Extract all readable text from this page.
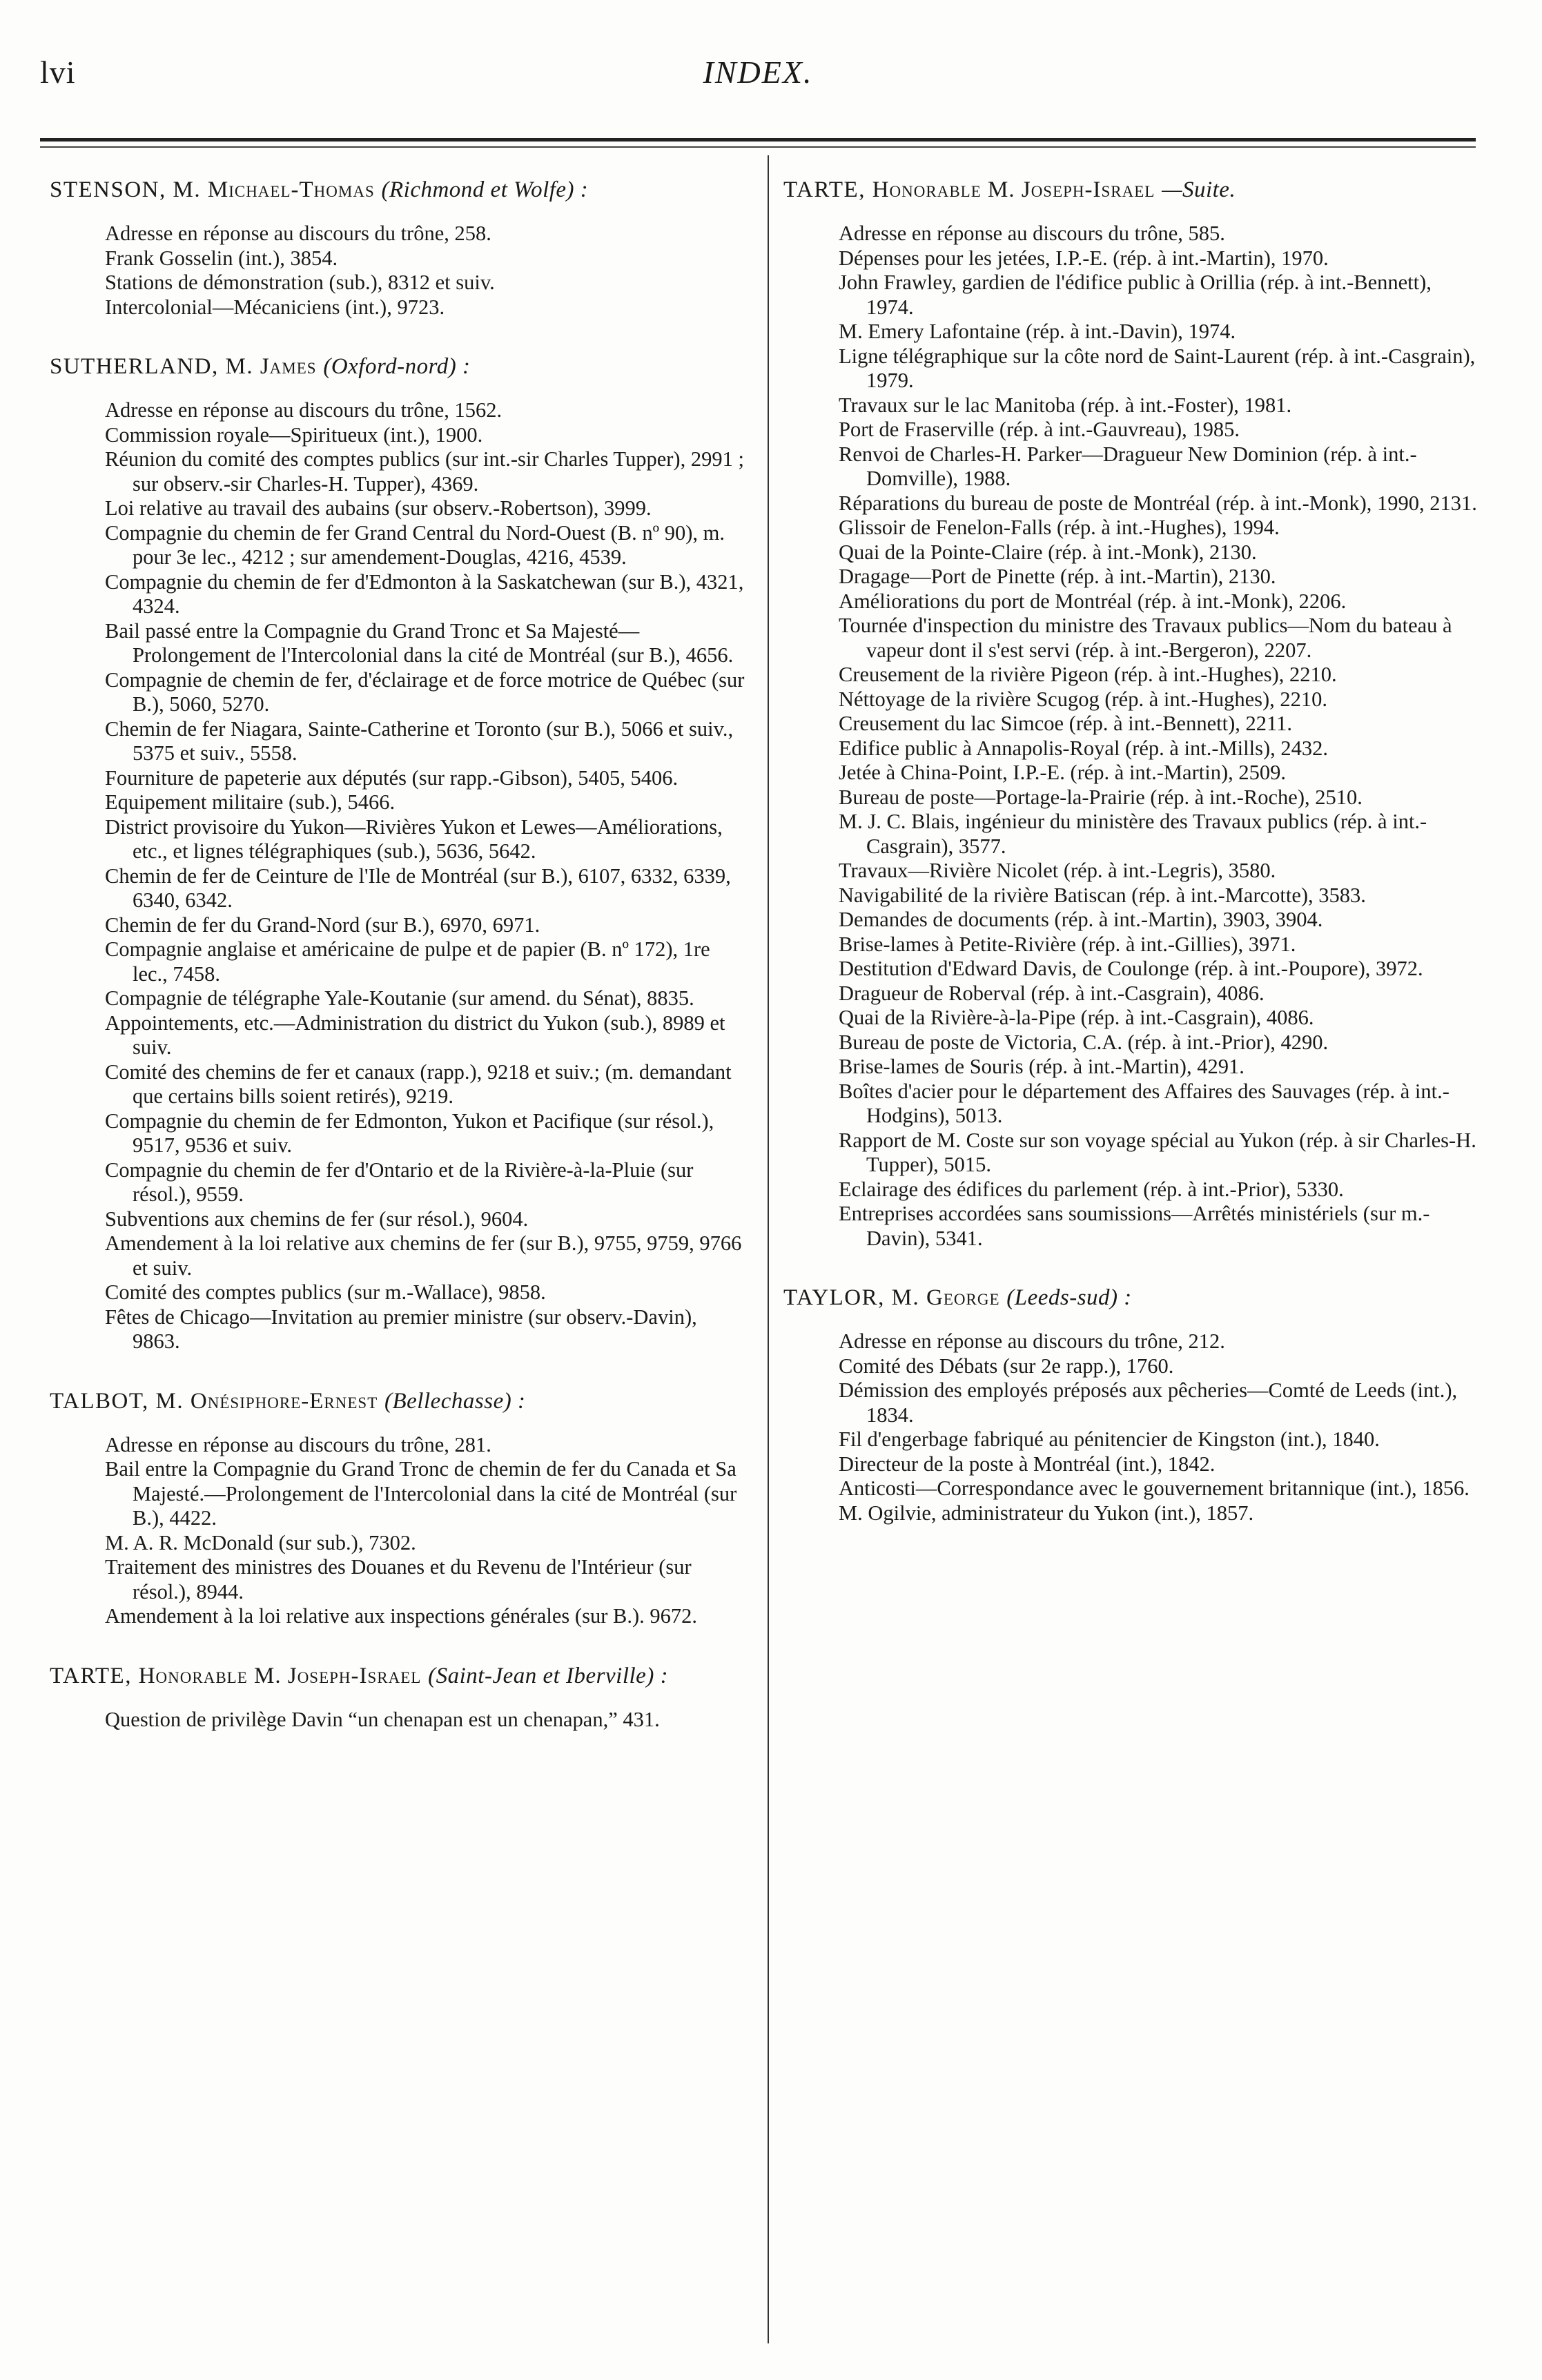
lvi	INDEX.
STENSON, M. Michael-Thomas (Richmond et Wolfe) :
Adresse en réponse au discours du trône, 258.
Frank Gosselin (int.), 3854.
Stations de démonstration (sub.), 8312 et suiv.
Intercolonial—Mécaniciens (int.), 9723.
SUTHERLAND, M. James (Oxford-nord) :
Adresse en réponse au discours du trône, 1562.
Commission royale—Spiritueux (int.), 1900.
Réunion du comité des comptes publics (sur int.-sir Charles Tupper), 2991 ; sur observ.-sir Charles-H. Tupper), 4369.
Loi relative au travail des aubains (sur observ.-Robertson), 3999.
Compagnie du chemin de fer Grand Central du Nord-Ouest (B. nº 90), m. pour 3e lec., 4212 ; sur amendement-Douglas, 4216, 4539.
Compagnie du chemin de fer d'Edmonton à la Saskatchewan (sur B.), 4321, 4324.
Bail passé entre la Compagnie du Grand Tronc et Sa Majesté—Prolongement de l'Intercolonial dans la cité de Montréal (sur B.), 4656.
Compagnie de chemin de fer, d'éclairage et de force motrice de Québec (sur B.), 5060, 5270.
Chemin de fer Niagara, Sainte-Catherine et Toronto (sur B.), 5066 et suiv., 5375 et suiv., 5558.
Fourniture de papeterie aux députés (sur rapp.-Gibson), 5405, 5406.
Equipement militaire (sub.), 5466.
District provisoire du Yukon—Rivières Yukon et Lewes—Améliorations, etc., et lignes télégraphiques (sub.), 5636, 5642.
Chemin de fer de Ceinture de l'Ile de Montréal (sur B.), 6107, 6332, 6339, 6340, 6342.
Chemin de fer du Grand-Nord (sur B.), 6970, 6971.
Compagnie anglaise et américaine de pulpe et de papier (B. nº 172), 1re lec., 7458.
Compagnie de télégraphe Yale-Koutanie (sur amend. du Sénat), 8835.
Appointements, etc.—Administration du district du Yukon (sub.), 8989 et suiv.
Comité des chemins de fer et canaux (rapp.), 9218 et suiv.; (m. demandant que certains bills soient retirés), 9219.
Compagnie du chemin de fer Edmonton, Yukon et Pacifique (sur résol.), 9517, 9536 et suiv.
Compagnie du chemin de fer d'Ontario et de la Rivière-à-la-Pluie (sur résol.), 9559.
Subventions aux chemins de fer (sur résol.), 9604.
Amendement à la loi relative aux chemins de fer (sur B.), 9755, 9759, 9766 et suiv.
Comité des comptes publics (sur m.-Wallace), 9858.
Fêtes de Chicago—Invitation au premier ministre (sur observ.-Davin), 9863.
TALBOT, M. Onésiphore-Ernest (Bellechasse) :
Adresse en réponse au discours du trône, 281.
Bail entre la Compagnie du Grand Tronc de chemin de fer du Canada et Sa Majesté.—Prolongement de l'Intercolonial dans la cité de Montréal (sur B.), 4422.
M. A. R. McDonald (sur sub.), 7302.
Traitement des ministres des Douanes et du Revenu de l'Intérieur (sur résol.), 8944.
Amendement à la loi relative aux inspections générales (sur B.). 9672.
TARTE, Honorable M. Joseph-Israel (Saint-Jean et Iberville) :
Question de privilège Davin “un chenapan est un chenapan,” 431.
TARTE, Honorable M. Joseph-Israel —Suite.
Adresse en réponse au discours du trône, 585.
Dépenses pour les jetées, I.P.-E. (rép. à int.-Martin), 1970.
John Frawley, gardien de l'édifice public à Orillia (rép. à int.-Bennett), 1974.
M. Emery Lafontaine (rép. à int.-Davin), 1974.
Ligne télégraphique sur la côte nord de Saint-Laurent (rép. à int.-Casgrain), 1979.
Travaux sur le lac Manitoba (rép. à int.-Foster), 1981.
Port de Fraserville (rép. à int.-Gauvreau), 1985.
Renvoi de Charles-H. Parker—Dragueur New Dominion (rép. à int.-Domville), 1988.
Réparations du bureau de poste de Montréal (rép. à int.-Monk), 1990, 2131.
Glissoir de Fenelon-Falls (rép. à int.-Hughes), 1994.
Quai de la Pointe-Claire (rép. à int.-Monk), 2130.
Dragage—Port de Pinette (rép. à int.-Martin), 2130.
Améliorations du port de Montréal (rép. à int.-Monk), 2206.
Tournée d'inspection du ministre des Travaux publics—Nom du bateau à vapeur dont il s'est servi (rép. à int.-Bergeron), 2207.
Creusement de la rivière Pigeon (rép. à int.-Hughes), 2210.
Néttoyage de la rivière Scugog (rép. à int.-Hughes), 2210.
Creusement du lac Simcoe (rép. à int.-Bennett), 2211.
Edifice public à Annapolis-Royal (rép. à int.-Mills), 2432.
Jetée à China-Point, I.P.-E. (rép. à int.-Martin), 2509.
Bureau de poste—Portage-la-Prairie (rép. à int.-Roche), 2510.
M. J. C. Blais, ingénieur du ministère des Travaux publics (rép. à int.-Casgrain), 3577.
Travaux—Rivière Nicolet (rép. à int.-Legris), 3580.
Navigabilité de la rivière Batiscan (rép. à int.-Marcotte), 3583.
Demandes de documents (rép. à int.-Martin), 3903, 3904.
Brise-lames à Petite-Rivière (rép. à int.-Gillies), 3971.
Destitution d'Edward Davis, de Coulonge (rép. à int.-Poupore), 3972.
Dragueur de Roberval (rép. à int.-Casgrain), 4086.
Quai de la Rivière-à-la-Pipe (rép. à int.-Casgrain), 4086.
Bureau de poste de Victoria, C.A. (rép. à int.-Prior), 4290.
Brise-lames de Souris (rép. à int.-Martin), 4291.
Boîtes d'acier pour le département des Affaires des Sauvages (rép. à int.-Hodgins), 5013.
Rapport de M. Coste sur son voyage spécial au Yukon (rép. à sir Charles-H. Tupper), 5015.
Eclairage des édifices du parlement (rép. à int.-Prior), 5330.
Entreprises accordées sans soumissions—Arrêtés ministériels (sur m.-Davin), 5341.
TAYLOR, M. George (Leeds-sud) :
Adresse en réponse au discours du trône, 212.
Comité des Débats (sur 2e rapp.), 1760.
Démission des employés préposés aux pêcheries—Comté de Leeds (int.), 1834.
Fil d'engerbage fabriqué au pénitencier de Kingston (int.), 1840.
Directeur de la poste à Montréal (int.), 1842.
Anticosti—Correspondance avec le gouvernement britannique (int.), 1856.
M. Ogilvie, administrateur du Yukon (int.), 1857.
